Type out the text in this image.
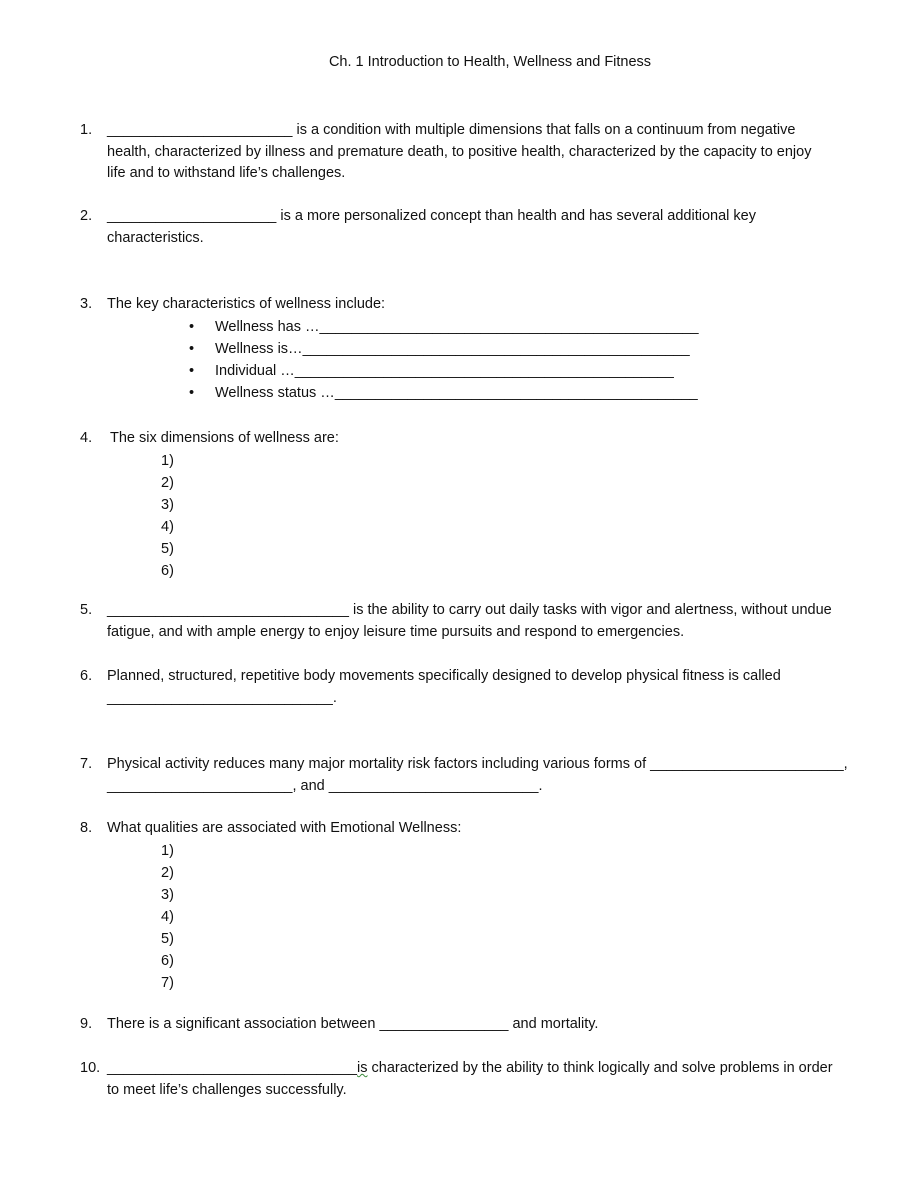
Ch. 1 Introduction to Health, Wellness and Fitness
1. _______________________ is a condition with multiple dimensions that falls on a continuum from negative
health, characterized by illness and premature death, to positive health, characterized by the capacity to enjoy
life and to withstand life’s challenges.
2. _____________________ is a more personalized concept than health and has several additional key
characteristics.
3. The key characteristics of wellness include:
• Wellness has …_______________________________________________
• Wellness is…________________________________________________
• Individual …_______________________________________________
• Wellness status …_____________________________________________
4. The six dimensions of wellness are:
1)
2)
3)
4)
5)
6)
5. ______________________________ is the ability to carry out daily tasks with vigor and alertness, without undue
fatigue, and with ample energy to enjoy leisure time pursuits and respond to emergencies.
6. Planned, structured, repetitive body movements specifically designed to develop physical fitness is called
____________________________.
7. Physical activity reduces many major mortality risk factors including various forms of ________________________,
_______________________, and __________________________.
8. What qualities are associated with Emotional Wellness:
1)
2)
3)
4)
5)
6)
7)
9. There is a significant association between ________________ and mortality.
10. _______________________________is characterized by the ability to think logically and solve problems in order
to meet life’s challenges successfully.
